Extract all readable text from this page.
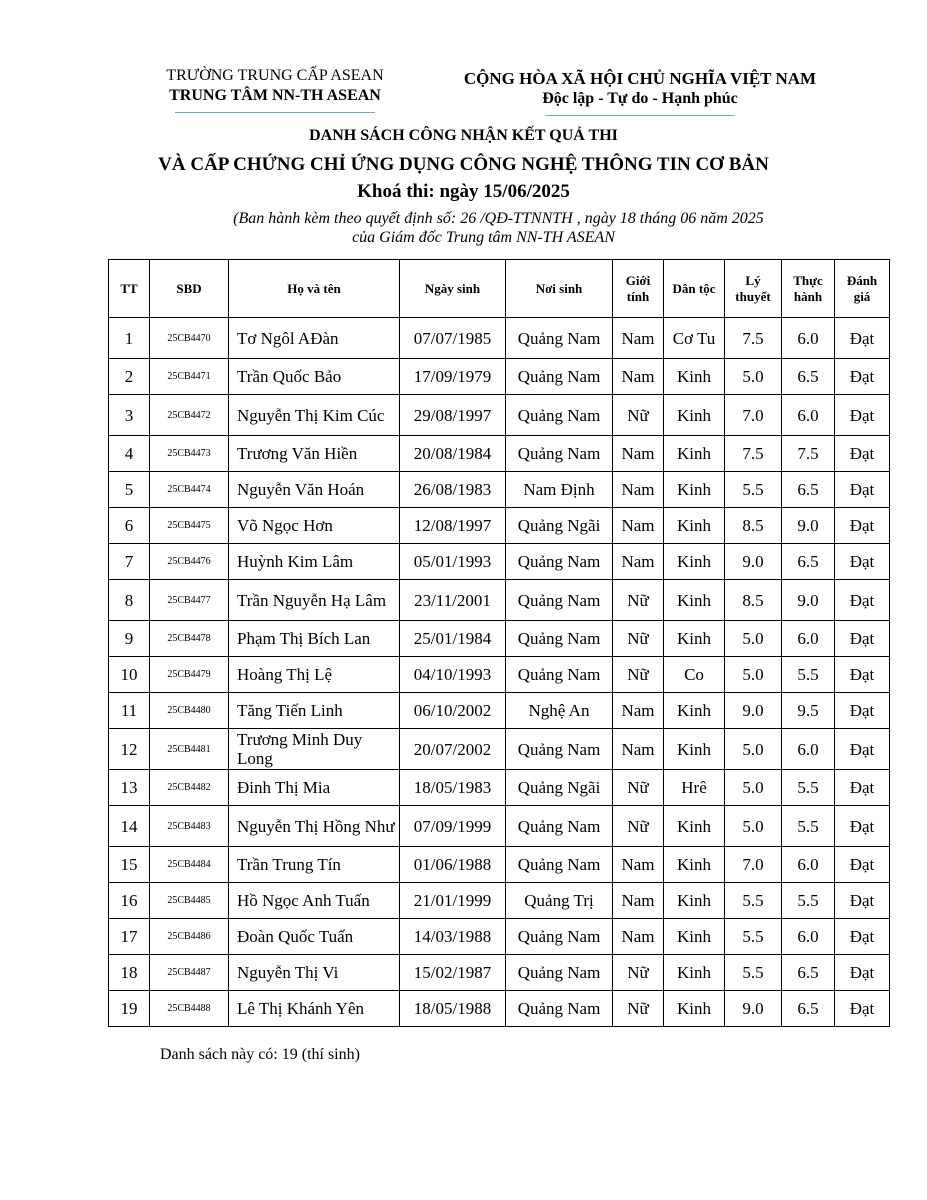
TRƯỜNG TRUNG CẤP ASEAN
TRUNG TÂM NN-TH ASEAN
CỘNG HÒA XÃ HỘI CHỦ NGHĨA VIỆT NAM
Độc lập - Tự do - Hạnh phúc
DANH SÁCH CÔNG NHẬN KẾT QUẢ THI
VÀ CẤP CHỨNG CHỈ ỨNG DỤNG CÔNG NGHỆ THÔNG TIN CƠ BẢN
Khoá thi: ngày 15/06/2025
(Ban hành kèm theo quyết định số: 26 /QĐ-TTNNTH , ngày 18 tháng 06 năm 2025
của Giám đốc Trung tâm NN-TH ASEAN
TT	SBD	Họ và tên	Ngày sinh	Nơi sinh	Giới tính	Dân tộc	Lý thuyết	Thực hành	Đánh giá
1	25CB4470	Tơ Ngôl AĐàn	07/07/1985	Quảng Nam	Nam	Cơ Tu	7.5	6.0	Đạt
2	25CB4471	Trần Quốc Bảo	17/09/1979	Quảng Nam	Nam	Kinh	5.0	6.5	Đạt
3	25CB4472	Nguyễn Thị Kim Cúc	29/08/1997	Quảng Nam	Nữ	Kinh	7.0	6.0	Đạt
4	25CB4473	Trương Văn Hiền	20/08/1984	Quảng Nam	Nam	Kinh	7.5	7.5	Đạt
5	25CB4474	Nguyễn Văn Hoán	26/08/1983	Nam Định	Nam	Kinh	5.5	6.5	Đạt
6	25CB4475	Võ Ngọc Hơn	12/08/1997	Quảng Ngãi	Nam	Kinh	8.5	9.0	Đạt
7	25CB4476	Huỳnh Kim Lâm	05/01/1993	Quảng Nam	Nam	Kinh	9.0	6.5	Đạt
8	25CB4477	Trần Nguyễn Hạ Lâm	23/11/2001	Quảng Nam	Nữ	Kinh	8.5	9.0	Đạt
9	25CB4478	Phạm Thị Bích Lan	25/01/1984	Quảng Nam	Nữ	Kinh	5.0	6.0	Đạt
10	25CB4479	Hoàng Thị Lệ	04/10/1993	Quảng Nam	Nữ	Co	5.0	5.5	Đạt
11	25CB4480	Tăng Tiến Linh	06/10/2002	Nghệ An	Nam	Kinh	9.0	9.5	Đạt
12	25CB4481	Trương Minh Duy Long	20/07/2002	Quảng Nam	Nam	Kinh	5.0	6.0	Đạt
13	25CB4482	Đinh Thị Mia	18/05/1983	Quảng Ngãi	Nữ	Hrê	5.0	5.5	Đạt
14	25CB4483	Nguyễn Thị Hồng Như	07/09/1999	Quảng Nam	Nữ	Kinh	5.0	5.5	Đạt
15	25CB4484	Trần Trung Tín	01/06/1988	Quảng Nam	Nam	Kinh	7.0	6.0	Đạt
16	25CB4485	Hồ Ngọc Anh Tuấn	21/01/1999	Quảng Trị	Nam	Kinh	5.5	5.5	Đạt
17	25CB4486	Đoàn Quốc Tuấn	14/03/1988	Quảng Nam	Nam	Kinh	5.5	6.0	Đạt
18	25CB4487	Nguyễn Thị Vi	15/02/1987	Quảng Nam	Nữ	Kinh	5.5	6.5	Đạt
19	25CB4488	Lê Thị Khánh Yên	18/05/1988	Quảng Nam	Nữ	Kinh	9.0	6.5	Đạt
Danh sách này có: 19 (thí sinh)
